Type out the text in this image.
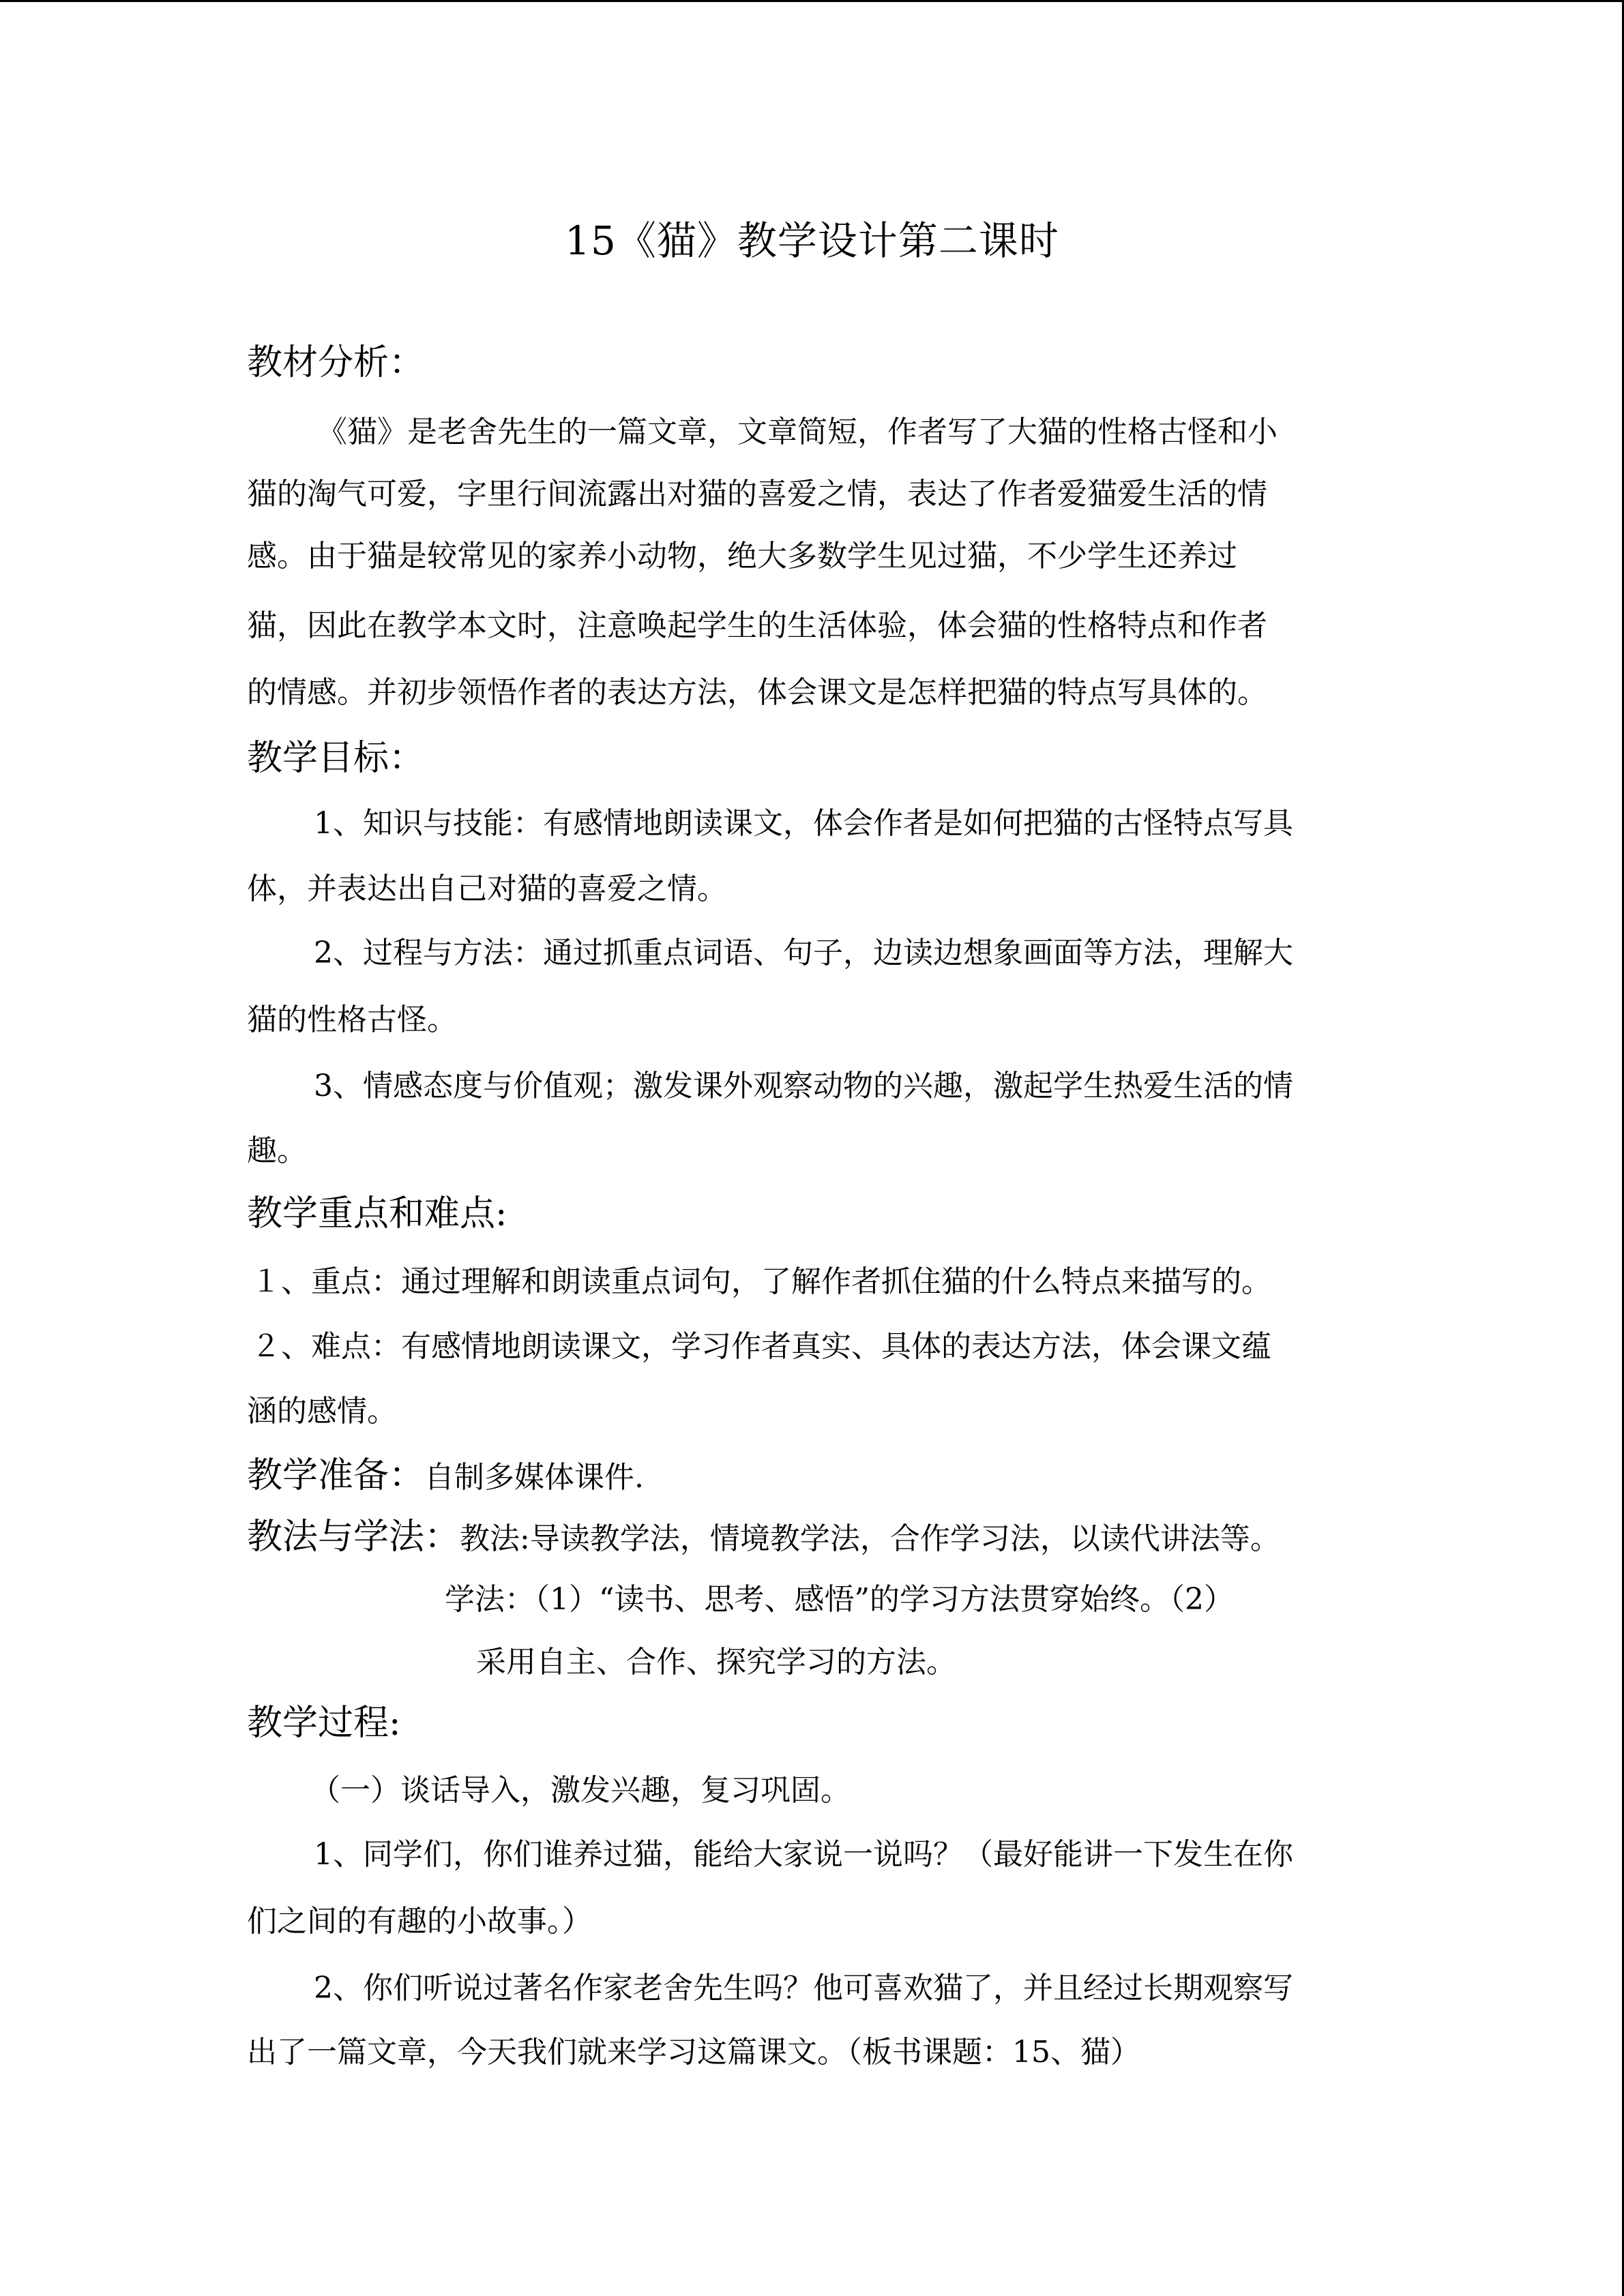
15《猫》教学设计第二课时
教材分析：
《猫》是老舍先生的一篇文章，文章简短，作者写了大猫的性格古怪和小
猫的淘气可爱，字里行间流露出对猫的喜爱之情，表达了作者爱猫爱生活的情
感。由于猫是较常见的家养小动物，绝大多数学生见过猫，不少学生还养过
猫，因此在教学本文时，注意唤起学生的生活体验，体会猫的性格特点和作者
的情感。并初步领悟作者的表达方法，体会课文是怎样把猫的特点写具体的。
教学目标：
1、知识与技能：有感情地朗读课文，体会作者是如何把猫的古怪特点写具
体，并表达出自己对猫的喜爱之情。
2、过程与方法：通过抓重点词语、句子，边读边想象画面等方法，理解大
猫的性格古怪。
3、情感态度与价值观；激发课外观察动物的兴趣，激起学生热爱生活的情
趣。
教学重点和难点:
１、重点：通过理解和朗读重点词句，了解作者抓住猫的什么特点来描写的。
２、难点：有感情地朗读课文，学习作者真实、具体的表达方法，体会课文蕴
涵的感情。
教学准备：自制多媒体课件.
教法与学法：教法:导读教学法，情境教学法，合作学习法，以读代讲法等。
学法：（1）“读书、思考、感悟”的学习方法贯穿始终。（2）
采用自主、合作、探究学习的方法。
教学过程:
（一）谈话导入，激发兴趣，复习巩固。
1、同学们，你们谁养过猫，能给大家说一说吗？（最好能讲一下发生在你
们之间的有趣的小故事。）
2、你们听说过著名作家老舍先生吗？他可喜欢猫了，并且经过长期观察写
出了一篇文章，今天我们就来学习这篇课文。（板书课题：15、猫）
